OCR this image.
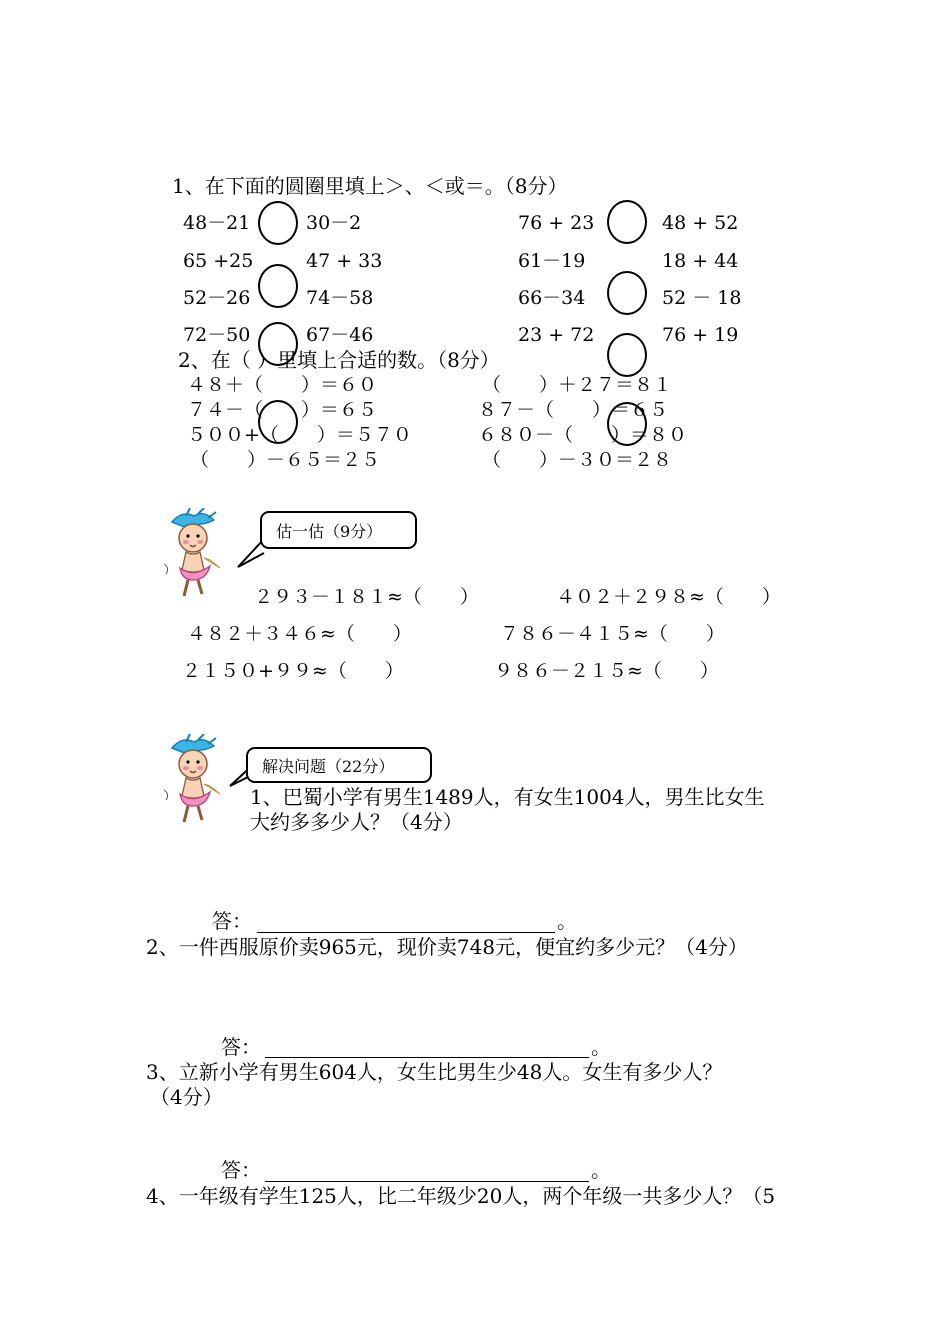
1、在下面的圆圈里填上＞、＜或＝。（8分）
48－21	30－2	76 + 23	48 + 52
65 +25	47 + 33	61－19	18 + 44
52－26	74－58	66－34	52 － 18
72－50	67－46	23 + 72	76 + 19
2、在（ ）里填上合适的数。（8分）
４８＋（　　）＝６０	（　　）＋２７＝８１
７４－（　　）＝６５	８７－（　　）＝６５
５００+（　　）＝５７０	６８０－（　　）＝８０
（　　）－６５＝２５	（　　）－３０＝２８
估一估（9分）
２９３－１８１≈（　　）	４０２＋２９８≈（　　）
４８２＋３４６≈（　　）	７８６－４１５≈（　　）
２１５０+９９≈（　　）	９８６－２１５≈（　　）
解决问题（22分）
1、巴蜀小学有男生1489人，有女生1004人，男生比女生
大约多多少人？（4分）
答：	。
2、一件西服原价卖965元，现价卖748元，便宜约多少元？（4分）
答：	。
3、立新小学有男生604人，女生比男生少48人。女生有多少人？
（4分）
答：	。
4、一年级有学生125人，比二年级少20人，两个年级一共多少人？（5
